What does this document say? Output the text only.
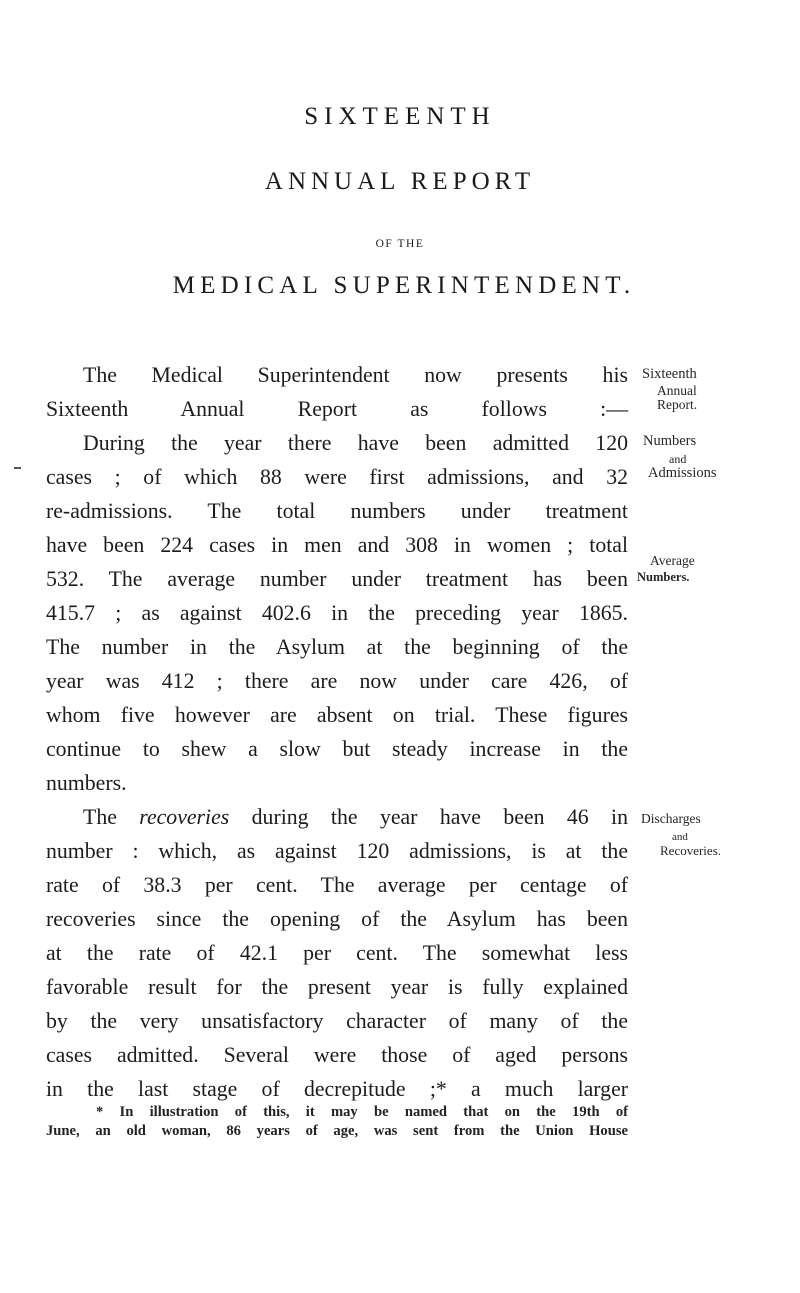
SIXTEENTH
ANNUAL REPORT
OF THE
MEDICAL SUPERINTENDENT.
The Medical Superintendent now presents his
Sixteenth Annual Report as follows :—
During the year there have been admitted 120
cases ; of which 88 were first admissions, and 32
re-admissions. The total numbers under treatment
have been 224 cases in men and 308 in women ; total
532. The average number under treatment has been
415.7 ; as against 402.6 in the preceding year 1865.
The number in the Asylum at the beginning of the
year was 412 ; there are now under care 426, of
whom five however are absent on trial. These figures
continue to shew a slow but steady increase in the
numbers.
The recoveries during the year have been 46 in
number : which, as against 120 admissions, is at the
rate of 38.3 per cent. The average per centage of
recoveries since the opening of the Asylum has been
at the rate of 42.1 per cent. The somewhat less
favorable result for the present year is fully explained
by the very unsatisfactory character of many of the
cases admitted. Several were those of aged persons
in the last stage of decrepitude ;* a much larger
Sixteenth
Annual
Report.
Numbers
and
Admissions
Average
Numbers.
Discharges
and
Recoveries.
* In illustration of this, it may be named that on the 19th of
June, an old woman, 86 years of age, was sent from the Union House
